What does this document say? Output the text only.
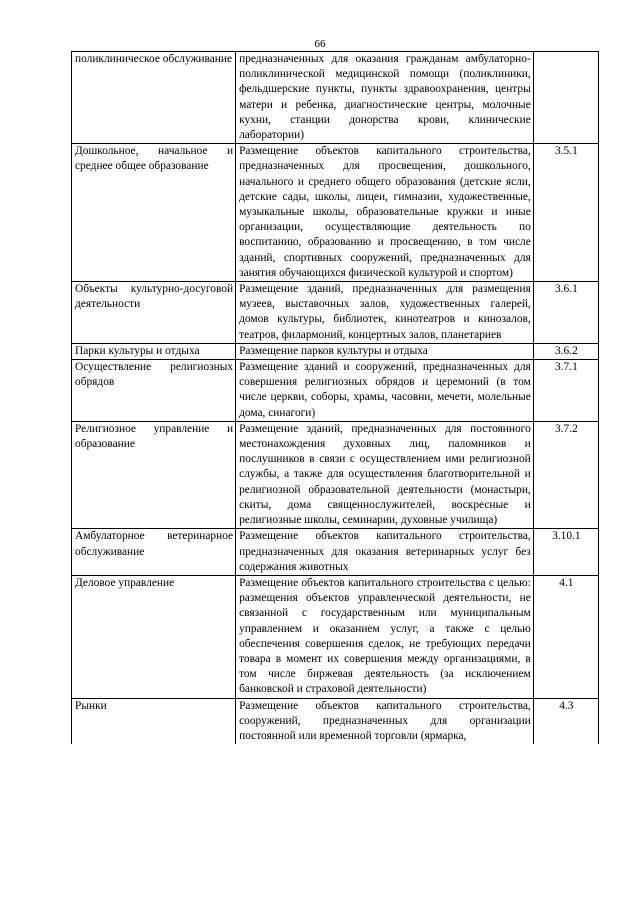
66
поликлиническое обслуживание	предназначенных для оказания гражданам амбулаторно-поликлинической медицинской помощи (поликлиники, фельдшерские пункты, пункты здравоохранения, центры матери и ребенка, диагностические центры, молочные кухни, станции донорства крови, клинические лаборатории)	
Дошкольное, начальное и среднее общее образование	Размещение объектов капитального строительства, предназначенных для просвещения, дошкольного, начального и среднего общего образования (детские ясли, детские сады, школы, лицеи, гимназии, художественные, музыкальные школы, образовательные кружки и иные организации, осуществляющие деятельность по воспитанию, образованию и просвещению, в том числе зданий, спортивных сооружений, предназначенных для занятия обучающихся физической культурой и спортом)	3.5.1
Объекты культурно-досуговой деятельности	Размещение зданий, предназначенных для размещения музеев, выставочных залов, художественных галерей, домов культуры, библиотек, кинотеатров и кинозалов, театров, филармоний, концертных залов, планетариев	3.6.1
Парки культуры и отдыха	Размещение парков культуры и отдыха	3.6.2
Осуществление религиозных обрядов	Размещение зданий и сооружений, предназначенных для совершения религиозных обрядов и церемоний (в том числе церкви, соборы, храмы, часовни, мечети, молельные дома, синагоги)	3.7.1
Религиозное управление и образование	Размещение зданий, предназначенных для постоянного местонахождения духовных лиц, паломников и послушников в связи с осуществлением ими религиозной службы, а также для осуществления благотворительной и религиозной образовательной деятельности (монастыри, скиты, дома священнослужителей, воскресные и религиозные школы, семинарии, духовные училища)	3.7.2
Амбулаторное ветеринарное обслуживание	Размещение объектов капитального строительства, предназначенных для оказания ветеринарных услуг без содержания животных	3.10.1
Деловое управление	Размещение объектов капитального строительства с целью: размещения объектов управленческой деятельности, не связанной с государственным или муниципальным управлением и оказанием услуг, а также с целью обеспечения совершения сделок, не требующих передачи товара в момент их совершения между организациями, в том числе биржевая деятельность (за исключением банковской и страховой деятельности)	4.1
Рынки	Размещение объектов капитального строительства, сооружений, предназначенных для организации постоянной или временной торговли (ярмарка,	4.3
